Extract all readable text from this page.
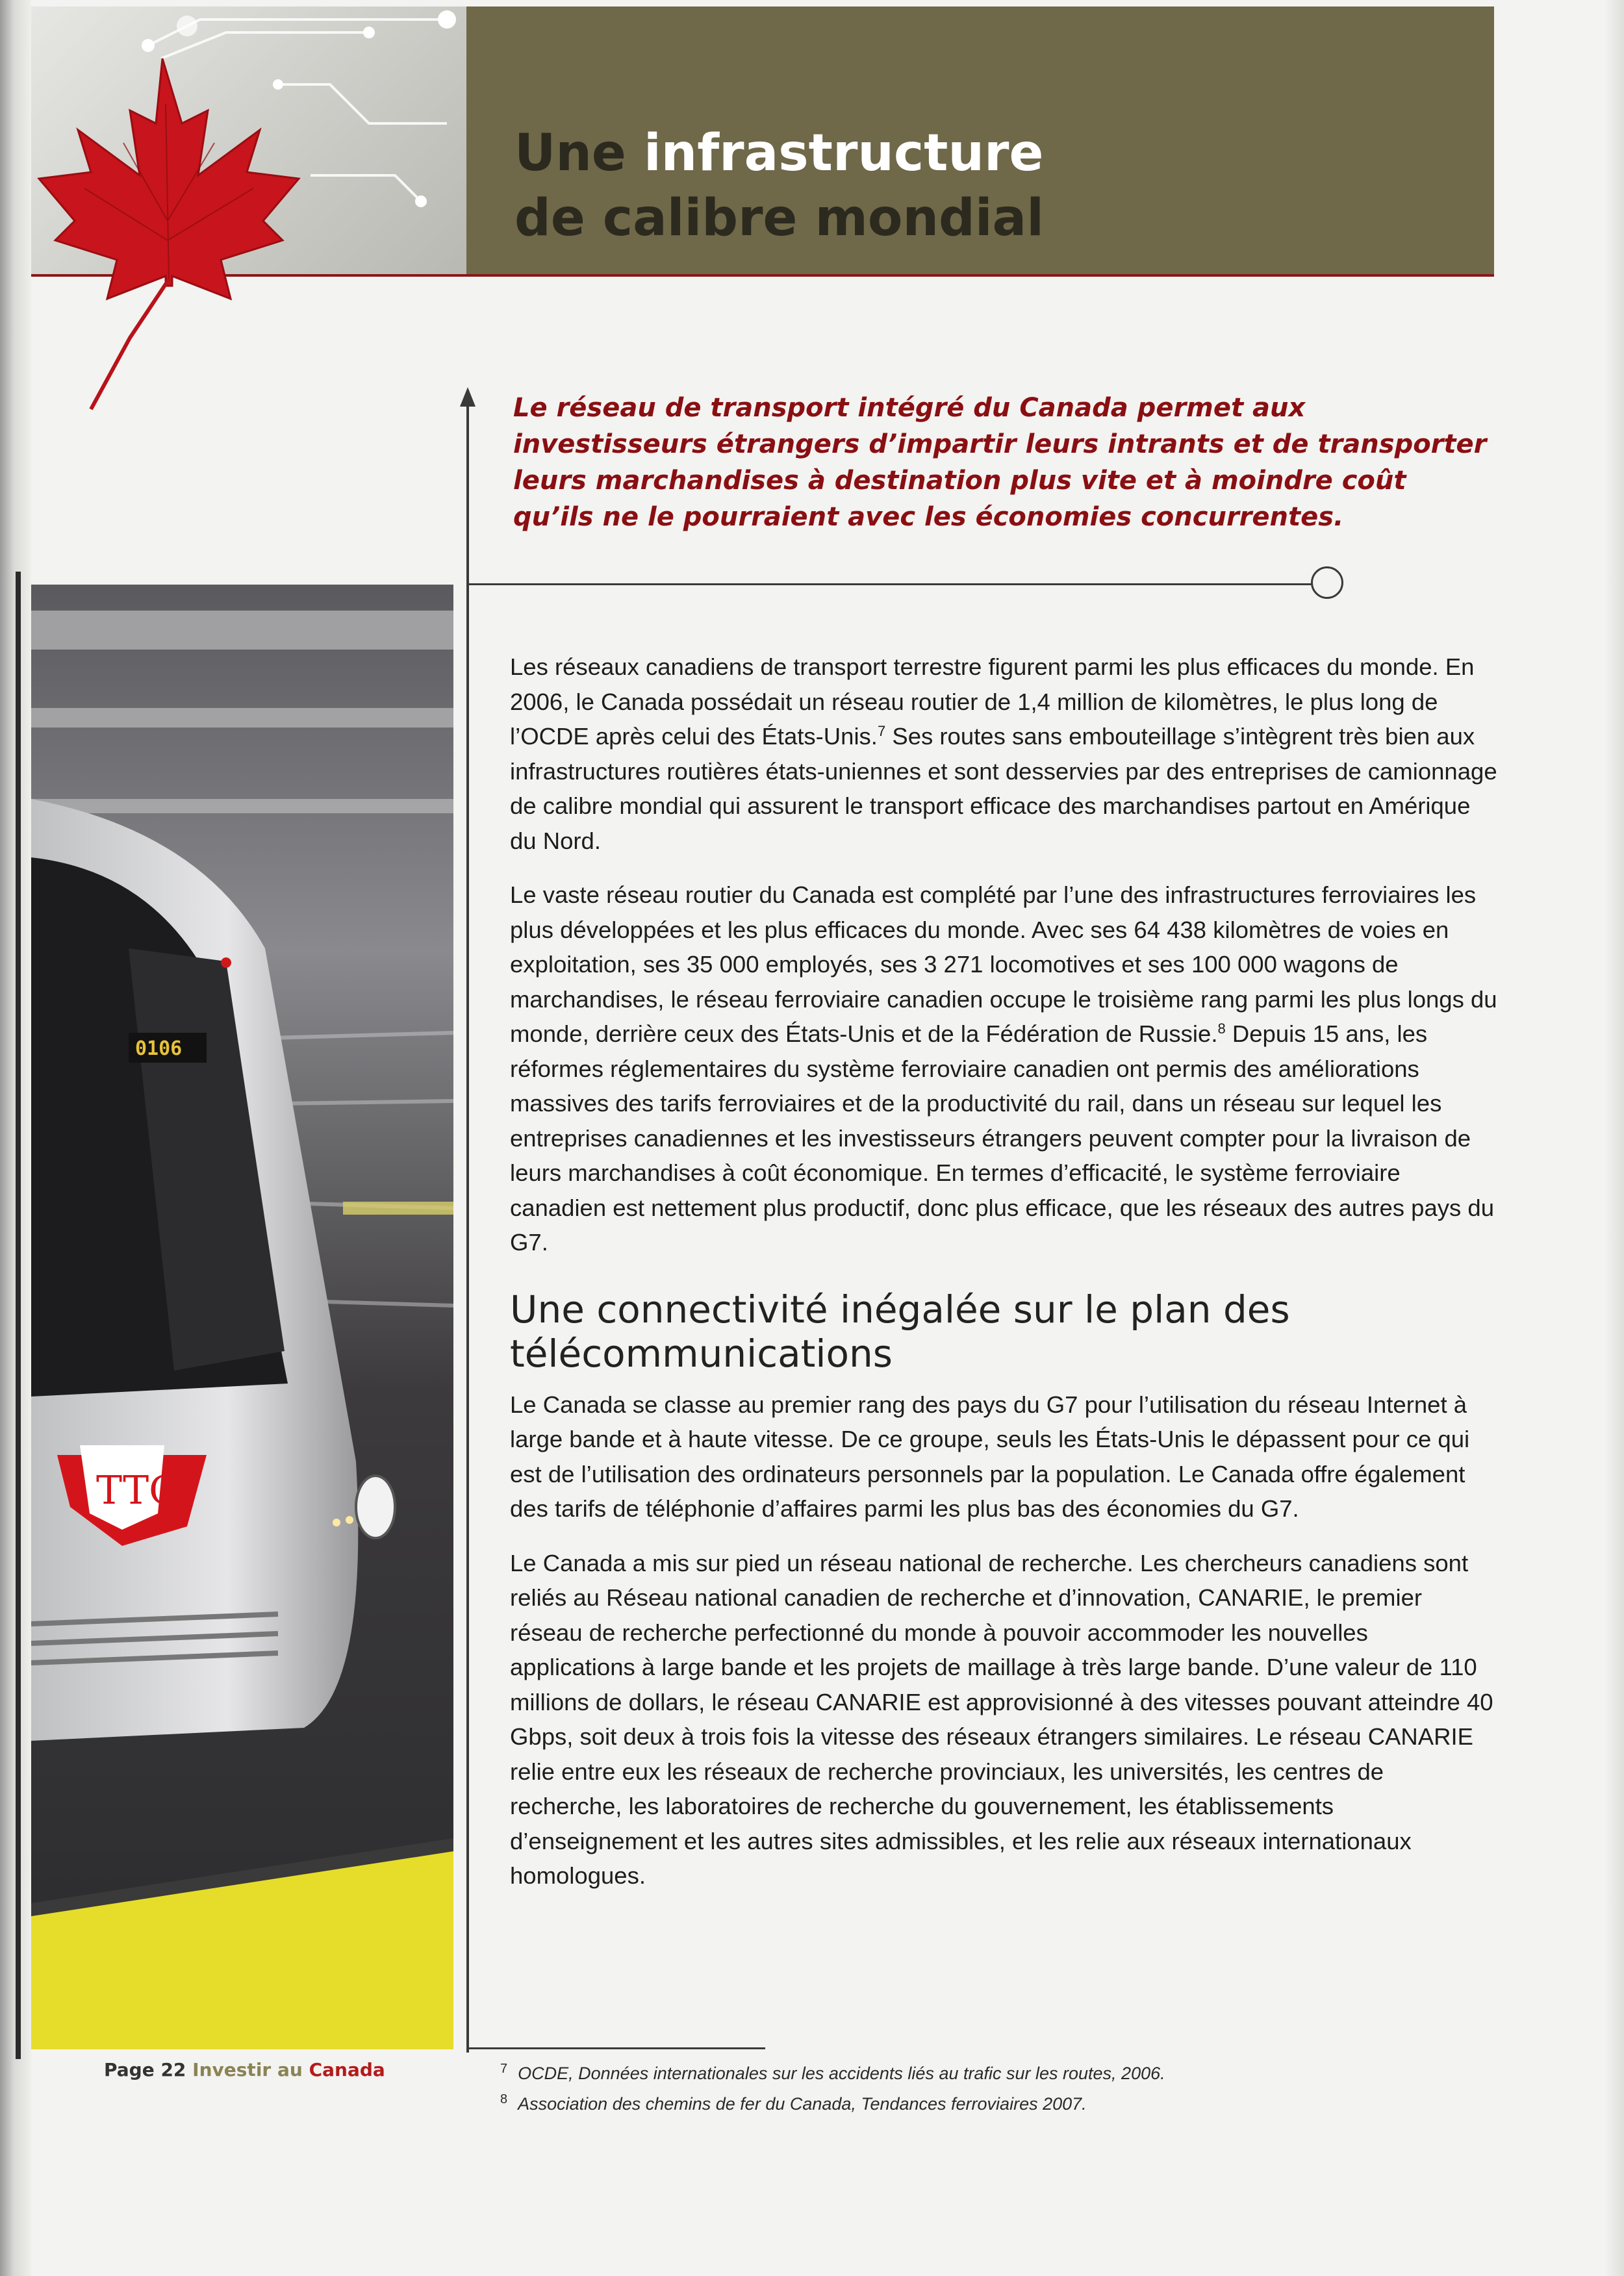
Une infrastructure
de calibre mondial

Le réseau de transport intégré du Canada permet aux investisseurs étrangers d’impartir leurs intrants et de transporter leurs marchandises à destination plus vite et à moindre coût qu’ils ne le pourraient avec les économies concurrentes.

0106
TTC

Les réseaux canadiens de transport terrestre figurent parmi les plus efficaces du monde. En 2006, le Canada possédait un réseau routier de 1,4 million de kilomètres, le plus long de l’OCDE après celui des États-Unis.$^7$ Ses routes sans embouteillage s’intègrent très bien aux infrastructures routières états-uniennes et sont desservies par des entreprises de camionnage de calibre mondial qui assurent le transport efficace des marchandises partout en Amérique du Nord.

Le vaste réseau routier du Canada est complété par l’une des infrastructures ferroviaires les plus développées et les plus efficaces du monde. Avec ses 64 438 kilomètres de voies en exploitation, ses 35 000 employés, ses 3 271 locomotives et ses 100 000 wagons de marchandises, le réseau ferroviaire canadien occupe le troisième rang parmi les plus longs du monde, derrière ceux des États-Unis et de la Fédération de Russie.$^8$ Depuis 15 ans, les réformes réglementaires du système ferroviaire canadien ont permis des améliorations massives des tarifs ferroviaires et de la productivité du rail, dans un réseau sur lequel les entreprises canadiennes et les investisseurs étrangers peuvent compter pour la livraison de leurs marchandises à coût économique. En termes d’efficacité, le système ferroviaire canadien est nettement plus productif, donc plus efficace, que les réseaux des autres pays du G7.

Une connectivité inégalée sur le plan des télécommunications

Le Canada se classe au premier rang des pays du G7 pour l’utilisation du réseau Internet à large bande et à haute vitesse. De ce groupe, seuls les États-Unis le dépassent pour ce qui est de l’utilisation des ordinateurs personnels par la population. Le Canada offre également des tarifs de téléphonie d’affaires parmi les plus bas des économies du G7.

Le Canada a mis sur pied un réseau national de recherche. Les chercheurs canadiens sont reliés au Réseau national canadien de recherche et d’innovation, CANARIE, le premier réseau de recherche perfectionné du monde à pouvoir accommoder les nouvelles applications à large bande et les projets de maillage à très large bande. D’une valeur de 110 millions de dollars, le réseau CANARIE est approvisionné à des vitesses pouvant atteindre 40 Gbps, soit deux à trois fois la vitesse des réseaux étrangers similaires. Le réseau CANARIE relie entre eux les réseaux de recherche provinciaux, les universités, les centres de recherche, les laboratoires de recherche du gouvernement, les établissements d’enseignement et les autres sites admissibles, et les relie aux réseaux internationaux homologues.

Page 22 Investir au Canada	$^7$ OCDE, Données internationales sur les accidents liés au trafic sur les routes, 2006.
$^8$ Association des chemins de fer du Canada, Tendances ferroviaires 2007.
